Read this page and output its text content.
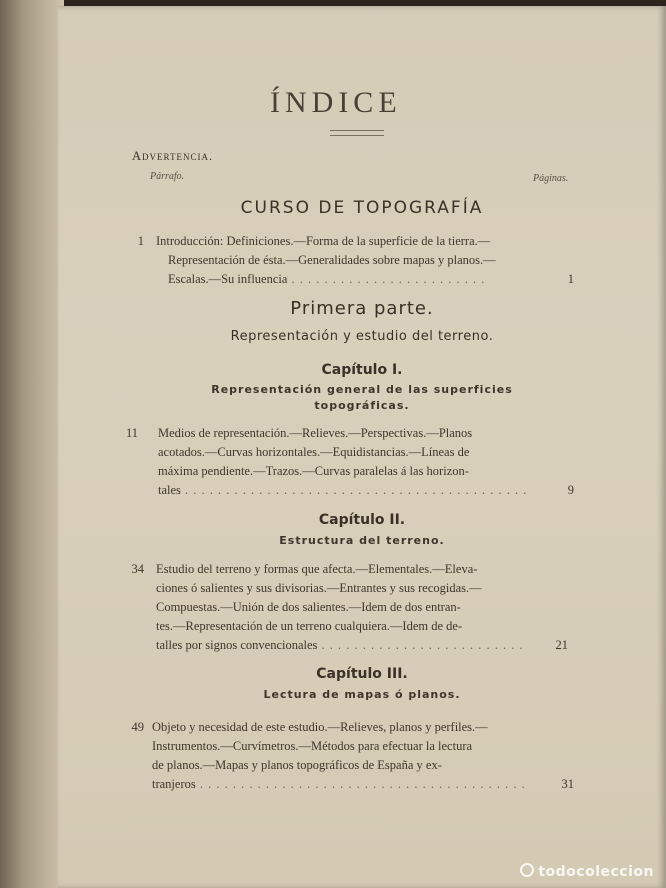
ÍNDICE
Advertencia.
Párrafo.	Páginas.
CURSO DE TOPOGRAFÍA
1 Introducción: Definiciones.—Forma de la superficie de la tierra.—
Representación de ésta.—Generalidades sobre mapas y planos.—
Escalas.—Su influencia . . . . . . . . . . . . . . . . . . . . . . . .	1
Primera parte.
Representación y estudio del terreno.
Capítulo I.
Representación general de las superficies
topográficas.
11 Medios de representación.—Relieves.—Perspectivas.—Planos
acotados.—Curvas horizontales.—Equidistancias.—Líneas de
máxima pendiente.—Trazos.—Curvas paralelas á las horizon-
tales . . . . . . . . . . . . . . . . . . . . . . . . . . . . . . . . . . . . . . . . . .	9
Capítulo II.
Estructura del terreno.
34 Estudio del terreno y formas que afecta.—Elementales.—Eleva-
ciones ó salientes y sus divisorias.—Entrantes y sus recogidas.—
Compuestas.—Unión de dos salientes.—Idem de dos entran-
tes.—Representación de un terreno cualquiera.—Idem de de-
talles por signos convencionales . . . . . . . . . . . . . . . . . . . . . . . . .	21
Capítulo III.
Lectura de mapas ó planos.
49 Objeto y necesidad de este estudio.—Relieves, planos y perfiles.—
Instrumentos.—Curvímetros.—Métodos para efectuar la lectura
de planos.—Mapas y planos topográficos de España y ex-
tranjeros . . . . . . . . . . . . . . . . . . . . . . . . . . . . . . . . . . . . . . . .	31
todocoleccion
